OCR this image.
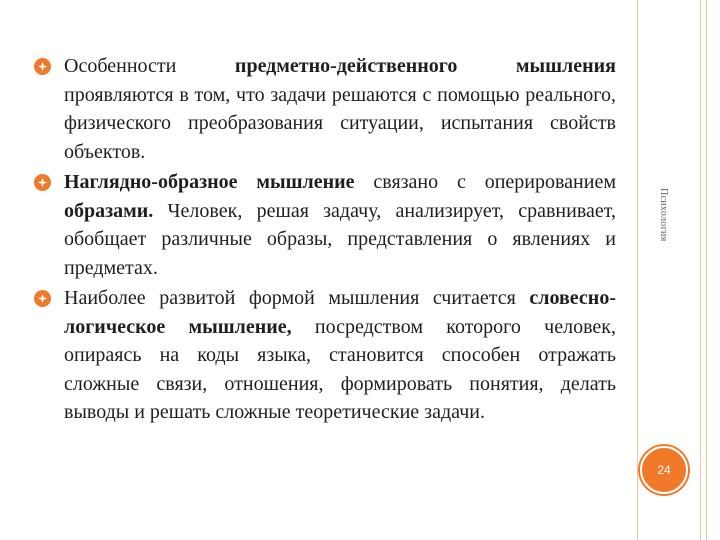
Психология
24
Особенности предметно-действенного мышления проявляются в том, что задачи решаются с помощью реального, физического преобразования ситуации, испытания свойств объектов.
Наглядно-образное мышление связано с оперированием образами. Человек, решая задачу, анализирует, сравнивает, обобщает различные образы, представления о явлениях и предметах.
Наиболее развитой формой мышления считается словесно-логическое мышление, посредством которого человек, опираясь на коды языка, становится способен отражать сложные связи, отношения, формировать понятия, делать выводы и решать сложные теоретические задачи.
